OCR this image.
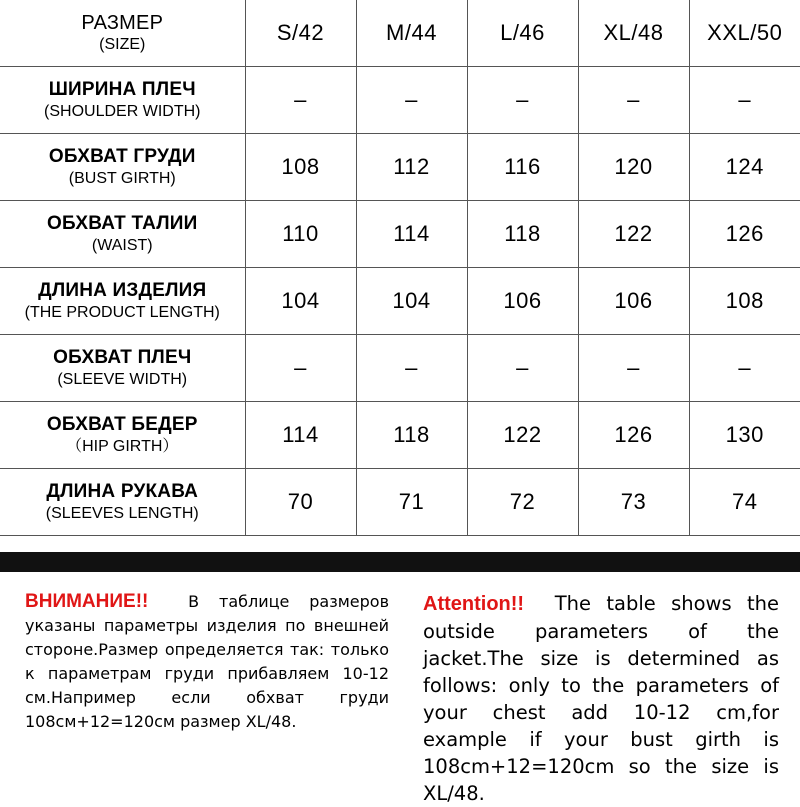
РАЗМЕР
(SIZE)	S/42	M/44	L/46	XL/48	XXL/50

ШИРИНА ПЛЕЧ
(SHOULDER WIDTH)	–	–	–	–	–

ОБХВАТ ГРУДИ
(BUST GIRTH)	108	112	116	120	124

ОБХВАТ ТАЛИИ
(WAIST)	110	114	118	122	126

ДЛИНА ИЗДЕЛИЯ
(THE PRODUCT LENGTH)	104	104	106	106	108

ОБХВАТ ПЛЕЧ
(SLEEVE WIDTH)	–	–	–	–	–

ОБХВАТ БЕДЕР
（HIP GIRTH）	114	118	122	126	130

ДЛИНА РУКАВА
(SLEEVES LENGTH)	70	71	72	73	74
ВНИМАНИЕ!! В таблице размеров указаны параметры изделия по внешней стороне.Размер определяется так: только к параметрам груди прибавляем 10-12 см.Например если обхват груди 108см+12=120см размер XL/48.
Attention!! The table shows the outside parameters of the jacket.The size is determined as follows: only to the parameters of your chest add 10-12 cm,for example if your bust girth is 108cm+12=120cm so the size is XL/48.
